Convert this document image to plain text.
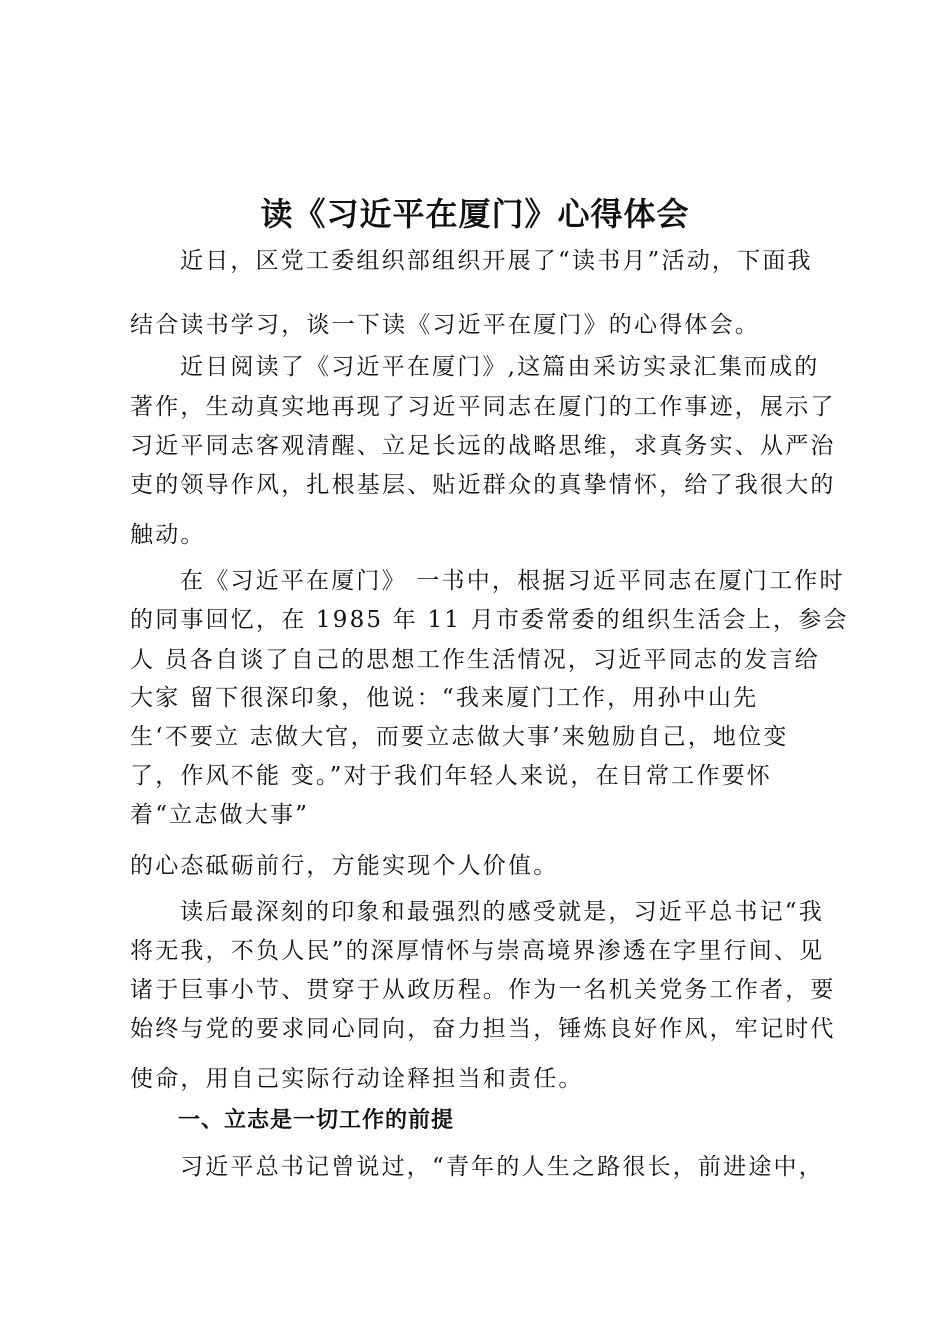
读《习近平在厦门》心得体会
近日，区党工委组织部组织开展了“读书月”活动，下面我
结合读书学习，谈一下读《习近平在厦门》的心得体会。
近日阅读了《习近平在厦门》,这篇由采访实录汇集而成的
著作，生动真实地再现了习近平同志在厦门的工作事迹，展示了
习近平同志客观清醒、立足长远的战略思维，求真务实、从严治
吏的领导作风，扎根基层、贴近群众的真挚情怀，给了我很大的
触动。
在《习近平在厦门》 一书中，根据习近平同志在厦门工作时
的同事回忆，在 1985 年 11 月市委常委的组织生活会上，参会
人 员各自谈了自己的思想工作生活情况，习近平同志的发言给
大家 留下很深印象，他说：“我来厦门工作，用孙中山先
生‘不要立 志做大官，而要立志做大事’来勉励自己，地位变
了，作风不能 变。”对于我们年轻人来说，在日常工作要怀
着“立志做大事”
的心态砥砺前行，方能实现个人价值。
读后最深刻的印象和最强烈的感受就是，习近平总书记“我
将无我，不负人民”的深厚情怀与崇高境界渗透在字里行间、见
诸于巨事小节、贯穿于从政历程。作为一名机关党务工作者，要
始终与党的要求同心同向，奋力担当，锤炼良好作风，牢记时代
使命，用自己实际行动诠释担当和责任。
一、立志是一切工作的前提
习近平总书记曾说过，“青年的人生之路很长，前进途中，
